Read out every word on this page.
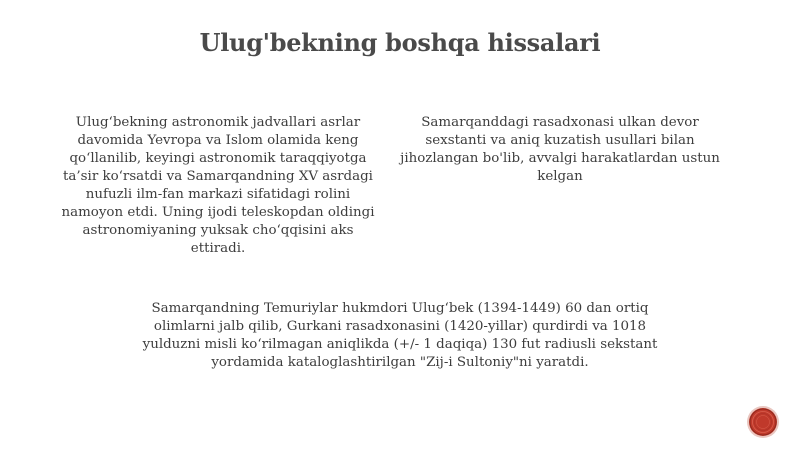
Ulug'bekning boshqa hissalari

Ulug‘bekning astronomik jadvallari asrlar davomida Yevropa va Islom olamida keng qo‘llanilib, keyingi astronomik taraqqiyotga ta’sir ko‘rsatdi va Samarqandning XV asrdagi nufuzli ilm-fan markazi sifatidagi rolini namoyon etdi. Uning ijodi teleskopdan oldingi astronomiyaning yuksak cho‘qqisini aks ettiradi.

Samarqanddagi rasadxonasi ulkan devor sexstanti va aniq kuzatish usullari bilan jihozlangan bo'lib, avvalgi harakatlardan ustun kelgan

Samarqandning Temuriylar hukmdori Ulug‘bek (1394-1449) 60 dan ortiq olimlarni jalb qilib, Gurkani rasadxonasini (1420-yillar) qurdirdi va 1018 yulduzni misli ko‘rilmagan aniqlikda (+/- 1 daqiqa) 130 fut radiusli sekstant yordamida kataloglashtirilgan "Zij-i Sultoniy"ni yaratdi.
